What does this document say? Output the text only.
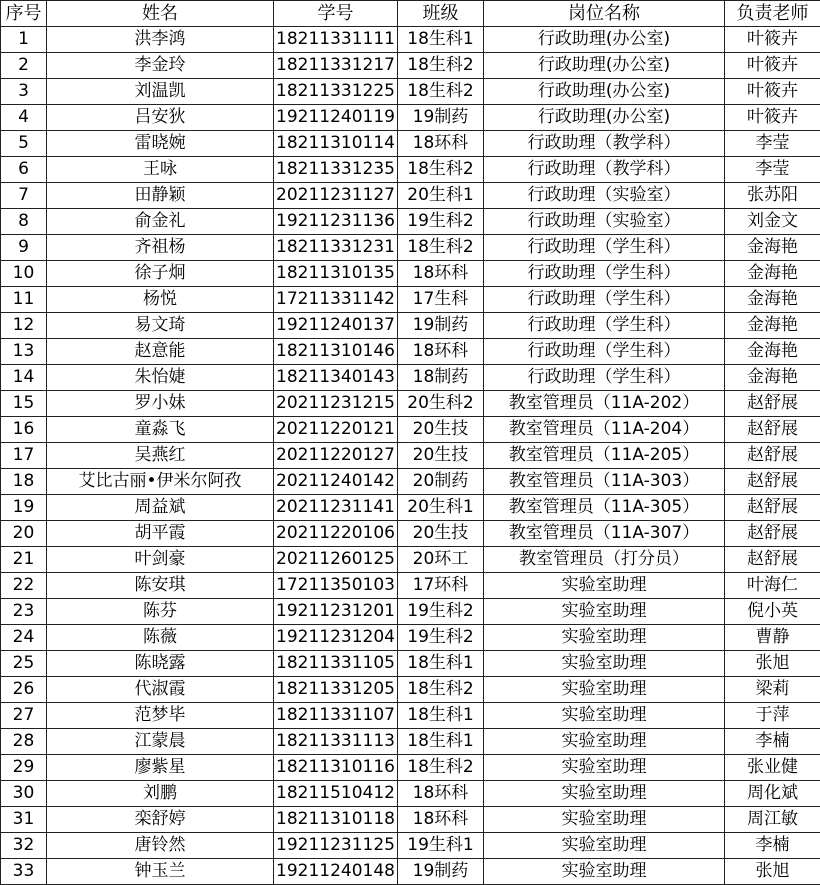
序号	姓名	学号	班级	岗位名称	负责老师
1	洪李鸿	18211331111	18生科1	行政助理(办公室)	叶筱卉
2	李金玲	18211331217	18生科2	行政助理(办公室)	叶筱卉
3	刘温凯	18211331225	18生科2	行政助理(办公室)	叶筱卉
4	吕安狄	19211240119	19制药	行政助理(办公室)	叶筱卉
5	雷晓婉	18211310114	18环科	行政助理（教学科）	李莹
6	王咏	18211331235	18生科2	行政助理（教学科）	李莹
7	田静颖	20211231127	20生科1	行政助理（实验室）	张苏阳
8	俞金礼	19211231136	19生科2	行政助理（实验室）	刘金文
9	齐祖杨	18211331231	18生科2	行政助理（学生科）	金海艳
10	徐子炯	18211310135	18环科	行政助理（学生科）	金海艳
11	杨悦	17211331142	17生科	行政助理（学生科）	金海艳
12	易文琦	19211240137	19制药	行政助理（学生科）	金海艳
13	赵意能	18211310146	18环科	行政助理（学生科）	金海艳
14	朱怡婕	18211340143	18制药	行政助理（学生科）	金海艳
15	罗小妹	20211231215	20生科2	教室管理员（11A-202）	赵舒展
16	童淼飞	20211220121	20生技	教室管理员（11A-204）	赵舒展
17	吴燕红	20211220127	20生技	教室管理员（11A-205）	赵舒展
18	艾比古丽•伊米尔阿孜	20211240142	20制药	教室管理员（11A-303）	赵舒展
19	周益斌	20211231141	20生科1	教室管理员（11A-305）	赵舒展
20	胡平霞	20211220106	20生技	教室管理员（11A-307）	赵舒展
21	叶剑豪	20211260125	20环工	教室管理员（打分员）	赵舒展
22	陈安琪	17211350103	17环科	实验室助理	叶海仁
23	陈芬	19211231201	19生科2	实验室助理	倪小英
24	陈薇	19211231204	19生科2	实验室助理	曹静
25	陈晓露	18211331105	18生科1	实验室助理	张旭
26	代淑霞	18211331205	18生科2	实验室助理	梁莉
27	范梦毕	18211331107	18生科1	实验室助理	于萍
28	江蒙晨	18211331113	18生科1	实验室助理	李楠
29	廖紫星	18211310116	18生科2	实验室助理	张业健
30	刘鹏	18211510412	18环科	实验室助理	周化斌
31	栾舒婷	18211310118	18环科	实验室助理	周江敏
32	唐铃然	19211231125	19生科1	实验室助理	李楠
33	钟玉兰	19211240148	19制药	实验室助理	张旭
